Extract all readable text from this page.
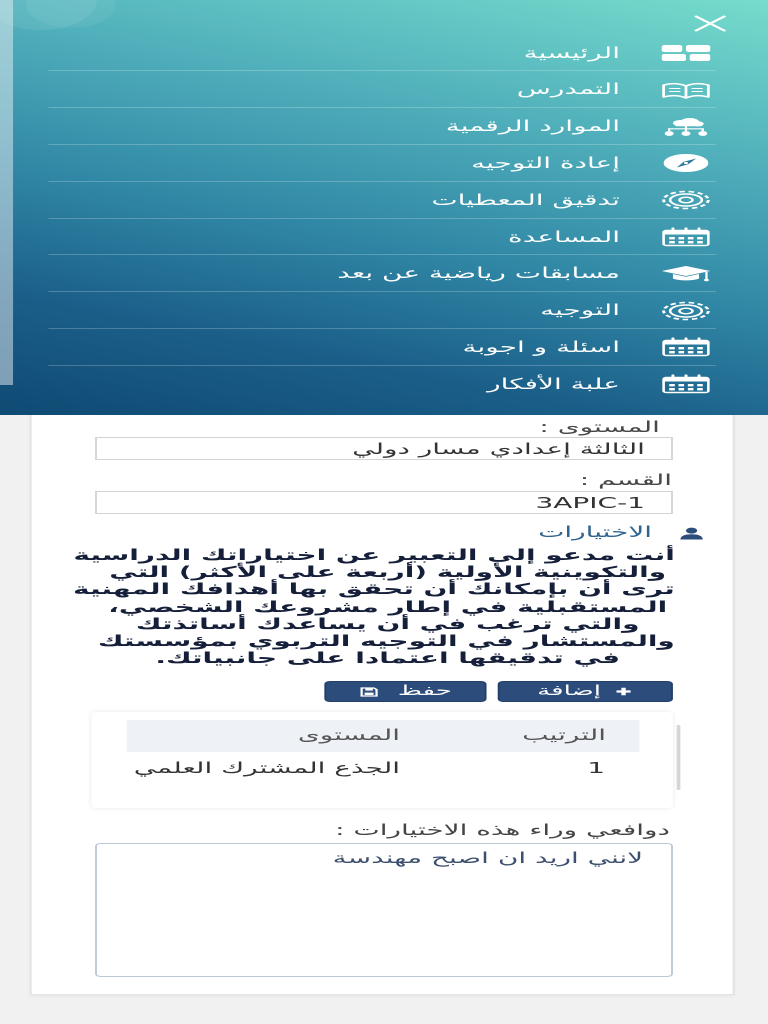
المستوى :
الثالثة إعدادي مسار دولي
القسم :
3APIC-1
الاختيارات
أنت مدعو إلى التعبير عن اختياراتك الدراسية
والتكوينية الأولية (أربعة على الأكثر) التي
ترى أن بإمكانك أن تحقق بها أهدافك المهنية
المستقبلية في إطار مشروعك الشخصي،
والتي ترغب في أن يساعدك أساتذتك
والمستشار في التوجيه التربوي بمؤسستك
في تدقيقها اعتمادا على جانبياتك.
إضافة
حفظ
الترتيب
المستوى
1
الجذع المشترك العلمي
دوافعي وراء هذه الاختيارات :
لانني اريد ان اصبح مهندسة
الرئيسية
التمدرس
الموارد الرقمية
إعادة التوجيه
تدقيق المعطيات
المساعدة
مسابقات رياضية عن بعد
التوجيه
اسئلة و اجوبة
علبة الأفكار
